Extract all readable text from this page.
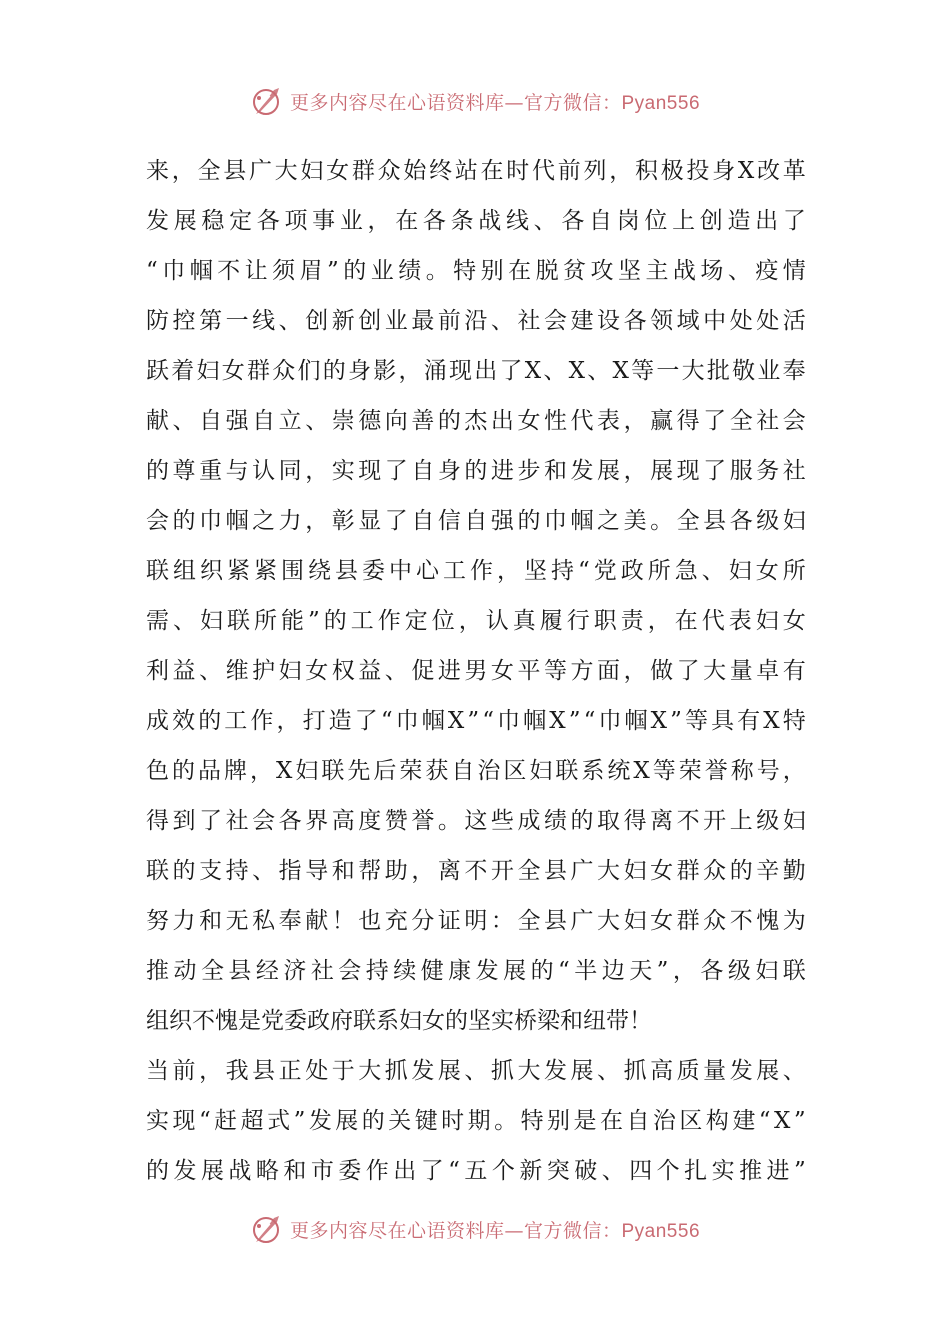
更多内容尽在心语资料库—官方微信：Pyan556
来 ， 全 县 广 大 妇 女 群 众 始 终 站 在 时 代 前 列 ， 积 极 投 身 X 改 革
发 展 稳 定 各 项 事 业 ， 在 各 条 战 线 、 各 自 岗 位 上 创 造 出 了
“ 巾 帼 不 让 须 眉 ” 的 业 绩 。 特 别 在 脱 贫 攻 坚 主 战 场 、 疫 情
防 控 第 一 线 、 创 新 创 业 最 前 沿 、 社 会 建 设 各 领 域 中 处 处 活
跃 着 妇 女 群 众 们 的 身 影 ， 涌 现 出 了 X 、 X 、 X 等 一 大 批 敬 业 奉
献 、 自 强 自 立 、 崇 德 向 善 的 杰 出 女 性 代 表 ， 赢 得 了 全 社 会
的 尊 重 与 认 同 ， 实 现 了 自 身 的 进 步 和 发 展 ， 展 现 了 服 务 社
会 的 巾 帼 之 力 ， 彰 显 了 自 信 自 强 的 巾 帼 之 美 。 全 县 各 级 妇
联 组 织 紧 紧 围 绕 县 委 中 心 工 作 ， 坚 持 “ 党 政 所 急 、 妇 女 所
需 、 妇 联 所 能 ” 的 工 作 定 位 ， 认 真 履 行 职 责 ， 在 代 表 妇 女
利 益 、 维 护 妇 女 权 益 、 促 进 男 女 平 等 方 面 ， 做 了 大 量 卓 有
成 效 的 工 作 ， 打 造 了 “ 巾 帼 X ” “ 巾 帼 X ” “ 巾 帼 X ” 等 具 有 X 特
色 的 品 牌 ， X 妇 联 先 后 荣 获 自 治 区 妇 联 系 统 X 等 荣 誉 称 号 ，
得 到 了 社 会 各 界 高 度 赞 誉 。 这 些 成 绩 的 取 得 离 不 开 上 级 妇
联 的 支 持 、 指 导 和 帮 助 ， 离 不 开 全 县 广 大 妇 女 群 众 的 辛 勤
努 力 和 无 私 奉 献 ！ 也 充 分 证 明 ： 全 县 广 大 妇 女 群 众 不 愧 为
推 动 全 县 经 济 社 会 持 续 健 康 发 展 的 “ 半 边 天 ” ， 各 级 妇 联
组 织 不 愧 是 党 委 政 府 联 系 妇 女 的 坚 实 桥 梁 和 纽 带 ！
当 前 ， 我 县 正 处 于 大 抓 发 展 、 抓 大 发 展 、 抓 高 质 量 发 展 、
实 现 “ 赶 超 式 ” 发 展 的 关 键 时 期 。 特 别 是 在 自 治 区 构 建 “ X ”
的 发 展 战 略 和 市 委 作 出 了 “ 五 个 新 突 破 、 四 个 扎 实 推 进 ”
更多内容尽在心语资料库—官方微信：Pyan556
